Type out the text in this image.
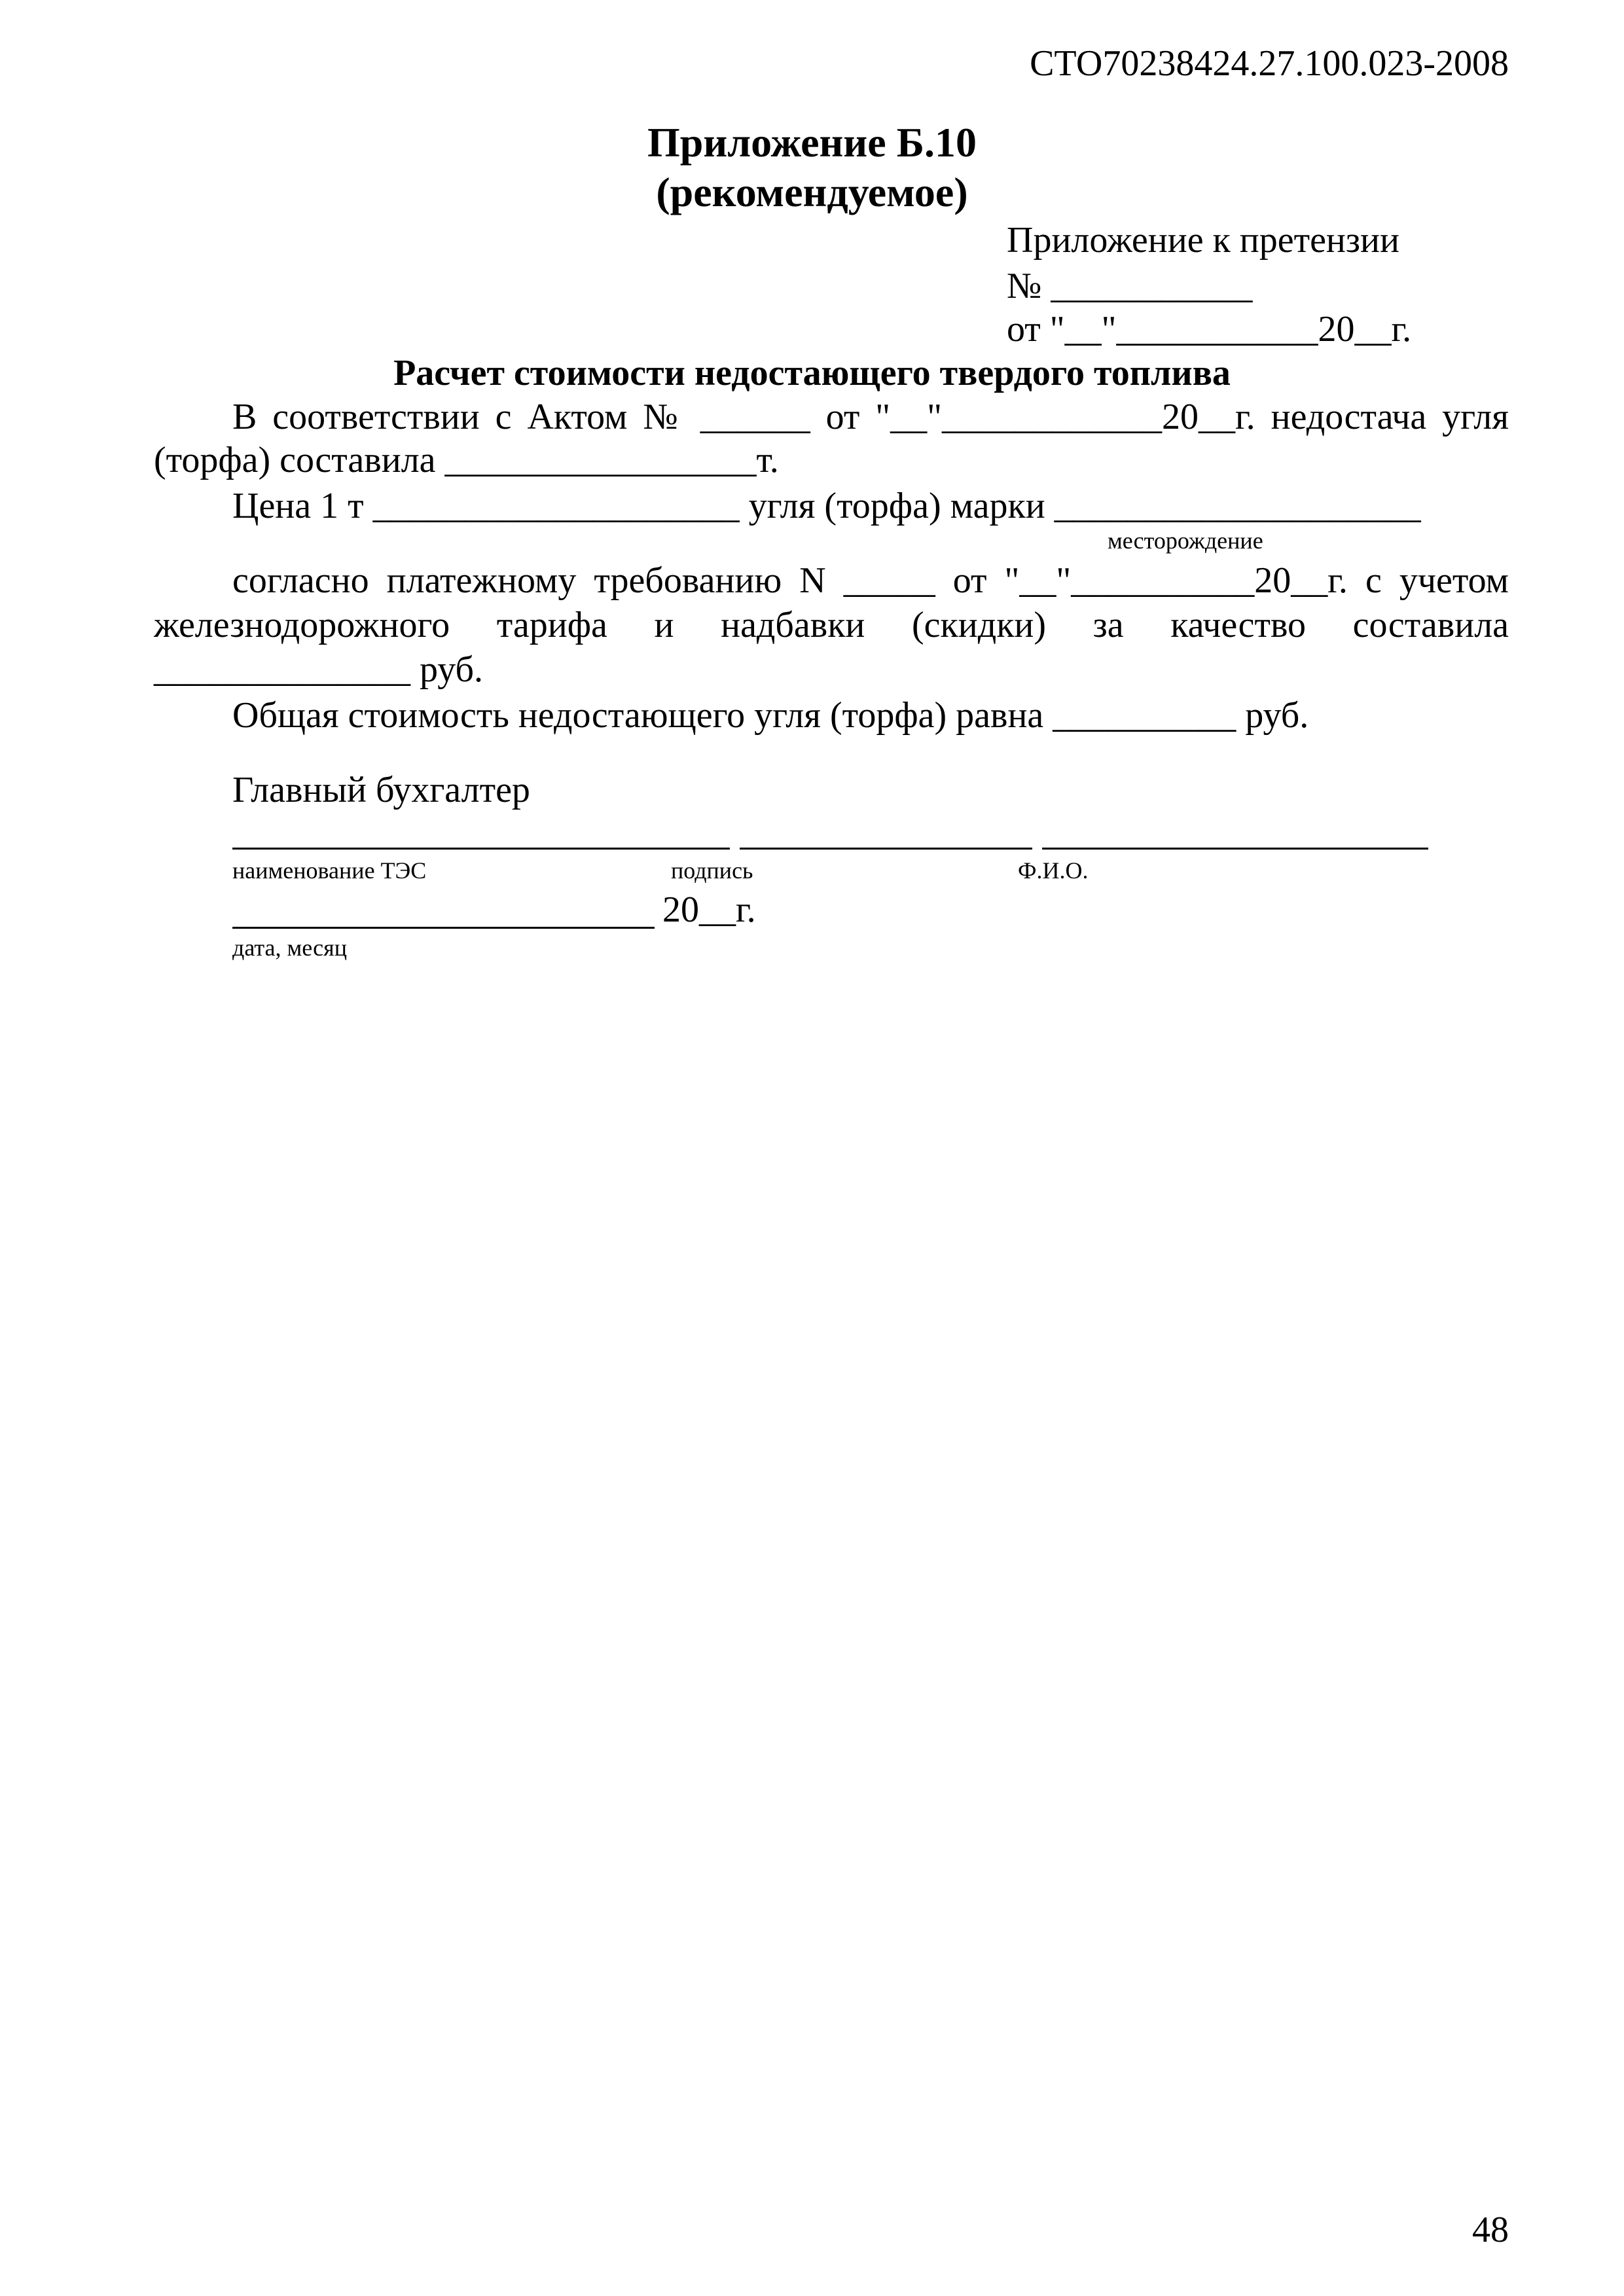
СТО70238424.27.100.023-2008
Приложение Б.10
(рекомендуемое)
Приложение к претензии
№ ___________
от "__"___________20__г.
Расчет стоимости недостающего твердого топлива
В соответствии с Актом № ______ от "__"____________20__г. недостача угля
(торфа) составила _________________т.
Цена 1 т ____________________ угля (торфа) марки ____________________
месторождение
согласно платежному требованию N _____ от "__"__________20__г. с учетом
железнодорожного тарифа и надбавки (скидки) за качество составила
______________ руб.
Общая стоимость недостающего угля (торфа) равна __________ руб.
Главный бухгалтер
наименование ТЭС	подпись	Ф.И.О.
20__г.
дата, месяц
48
